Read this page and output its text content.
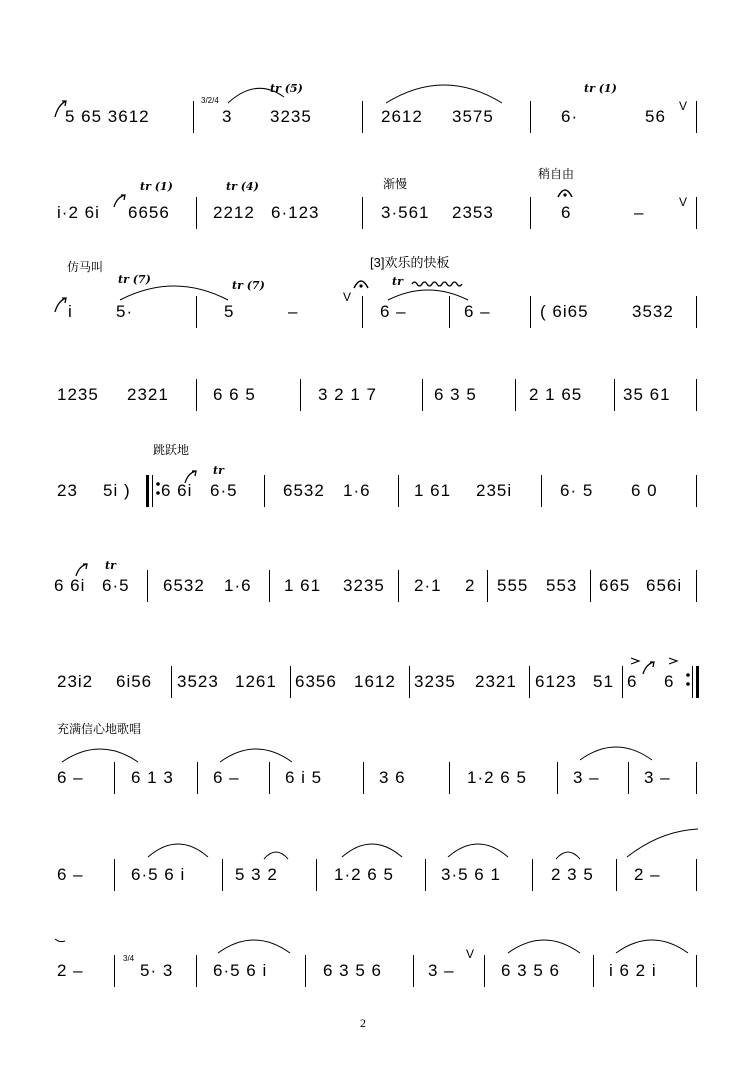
5 65 3612
3/2/4
3
tr (5)
3235	2612 3575
tr (1)
6·	56
V
i·2 6i
tr (1)
6656
tr (4)
2212 6·123
渐慢
3·561 2353
稍自由
6	–
V
仿马叫
i
tr (7)
5·
tr (7)
5	–
V
[3]欢乐的快板
tr
6 –	6 –	( 6i65	3532
1235 2321	6 6 5	3 2 1 7	6 3 5	2 1 65 35 61
跳跃地
23 5i ) 6 6i
tr
6·5	6532 1·6	1 61 235i	6· 5 6 0
6 6i
tr
6·5 6532 1·6 1 61 3235 2·1 2 555 553 665 656i
23i2 6i56 3523 1261 6356 1612 3235 2321 6123 51 6 6
充满信心地歌唱
6 –	6 1 3 6 –	6 i 5	3 6	1·2 6 5	3 –	3 –
6 –	6·5 6 i	5 3 2	1·2 6 5	3·5 6 1	2 3 5 2 –
2 –
3/4
5· 3 6·5 6 i	6 3 5 6	3 –
V
6 3 5 6	i 6 2 i
2
